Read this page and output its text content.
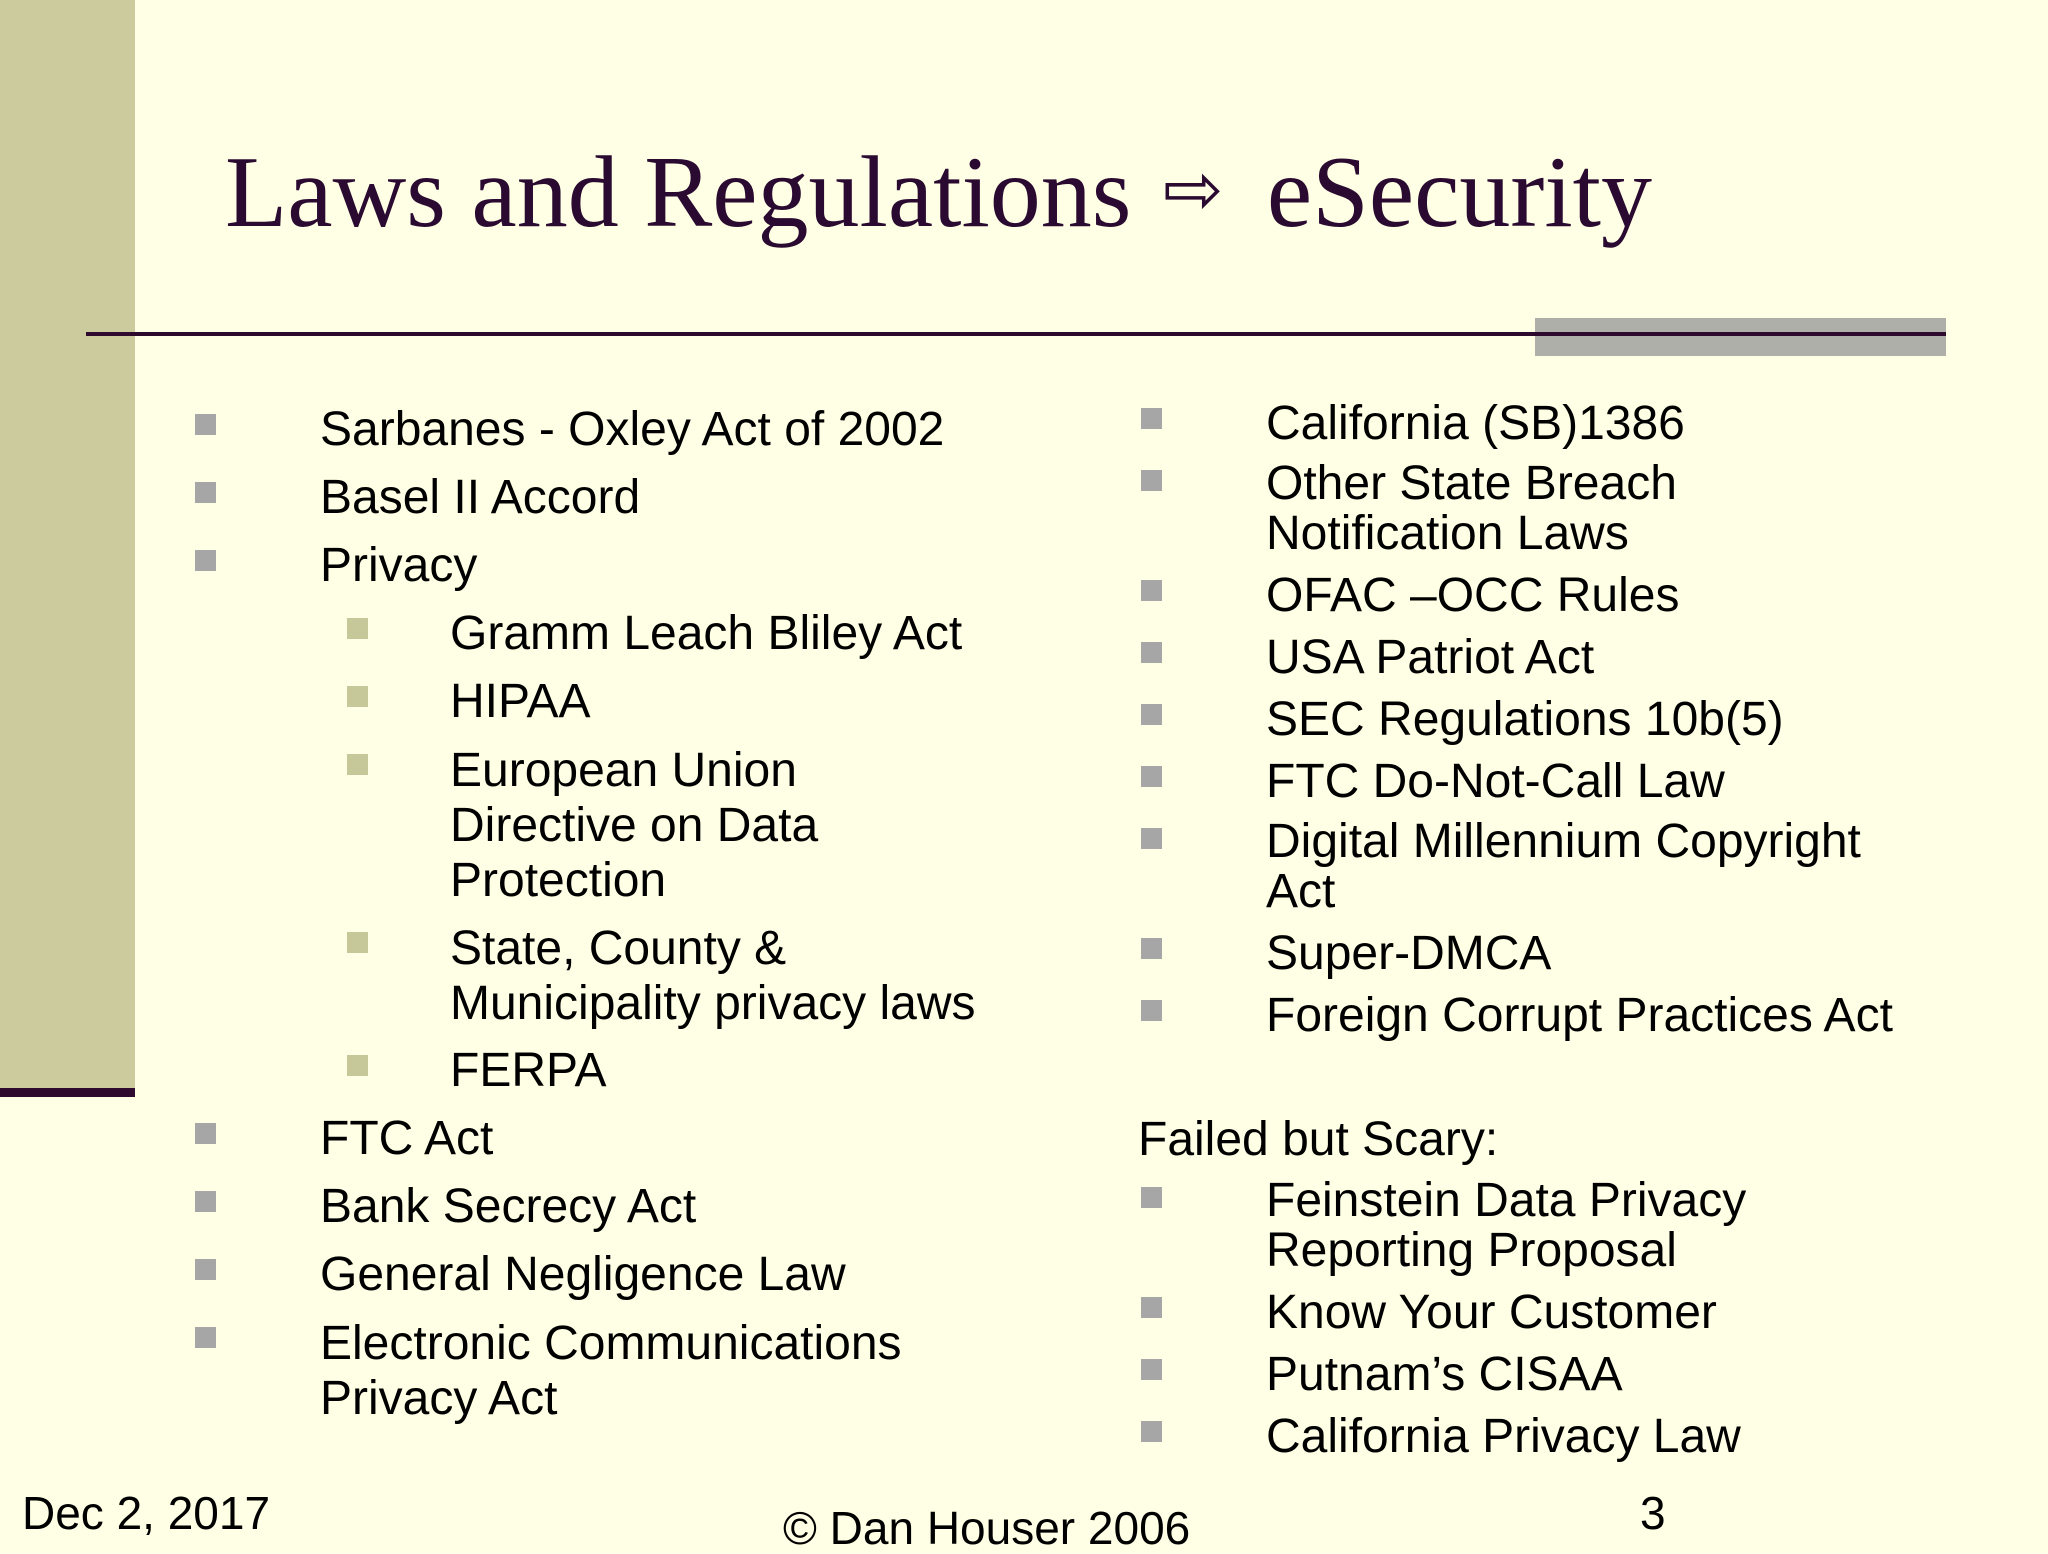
Laws and Regulations ⇨ eSecurity
Sarbanes - Oxley Act of 2002
Basel II Accord
Privacy
Gramm Leach Bliley Act
HIPAA
European Union
Directive on Data
Protection
State, County &
Municipality privacy laws
FERPA
FTC Act
Bank Secrecy Act
General Negligence Law
Electronic Communications
Privacy Act
California (SB)1386
Other State Breach
Notification Laws
OFAC –OCC Rules
USA Patriot Act
SEC Regulations 10b(5)
FTC Do-Not-Call Law
Digital Millennium Copyright
Act
Super-DMCA
Foreign Corrupt Practices Act
Failed but Scary:
Feinstein Data Privacy
Reporting Proposal
Know Your Customer
Putnam’s CISAA
California Privacy Law
Dec 2, 2017	© Dan Houser 2006	3
